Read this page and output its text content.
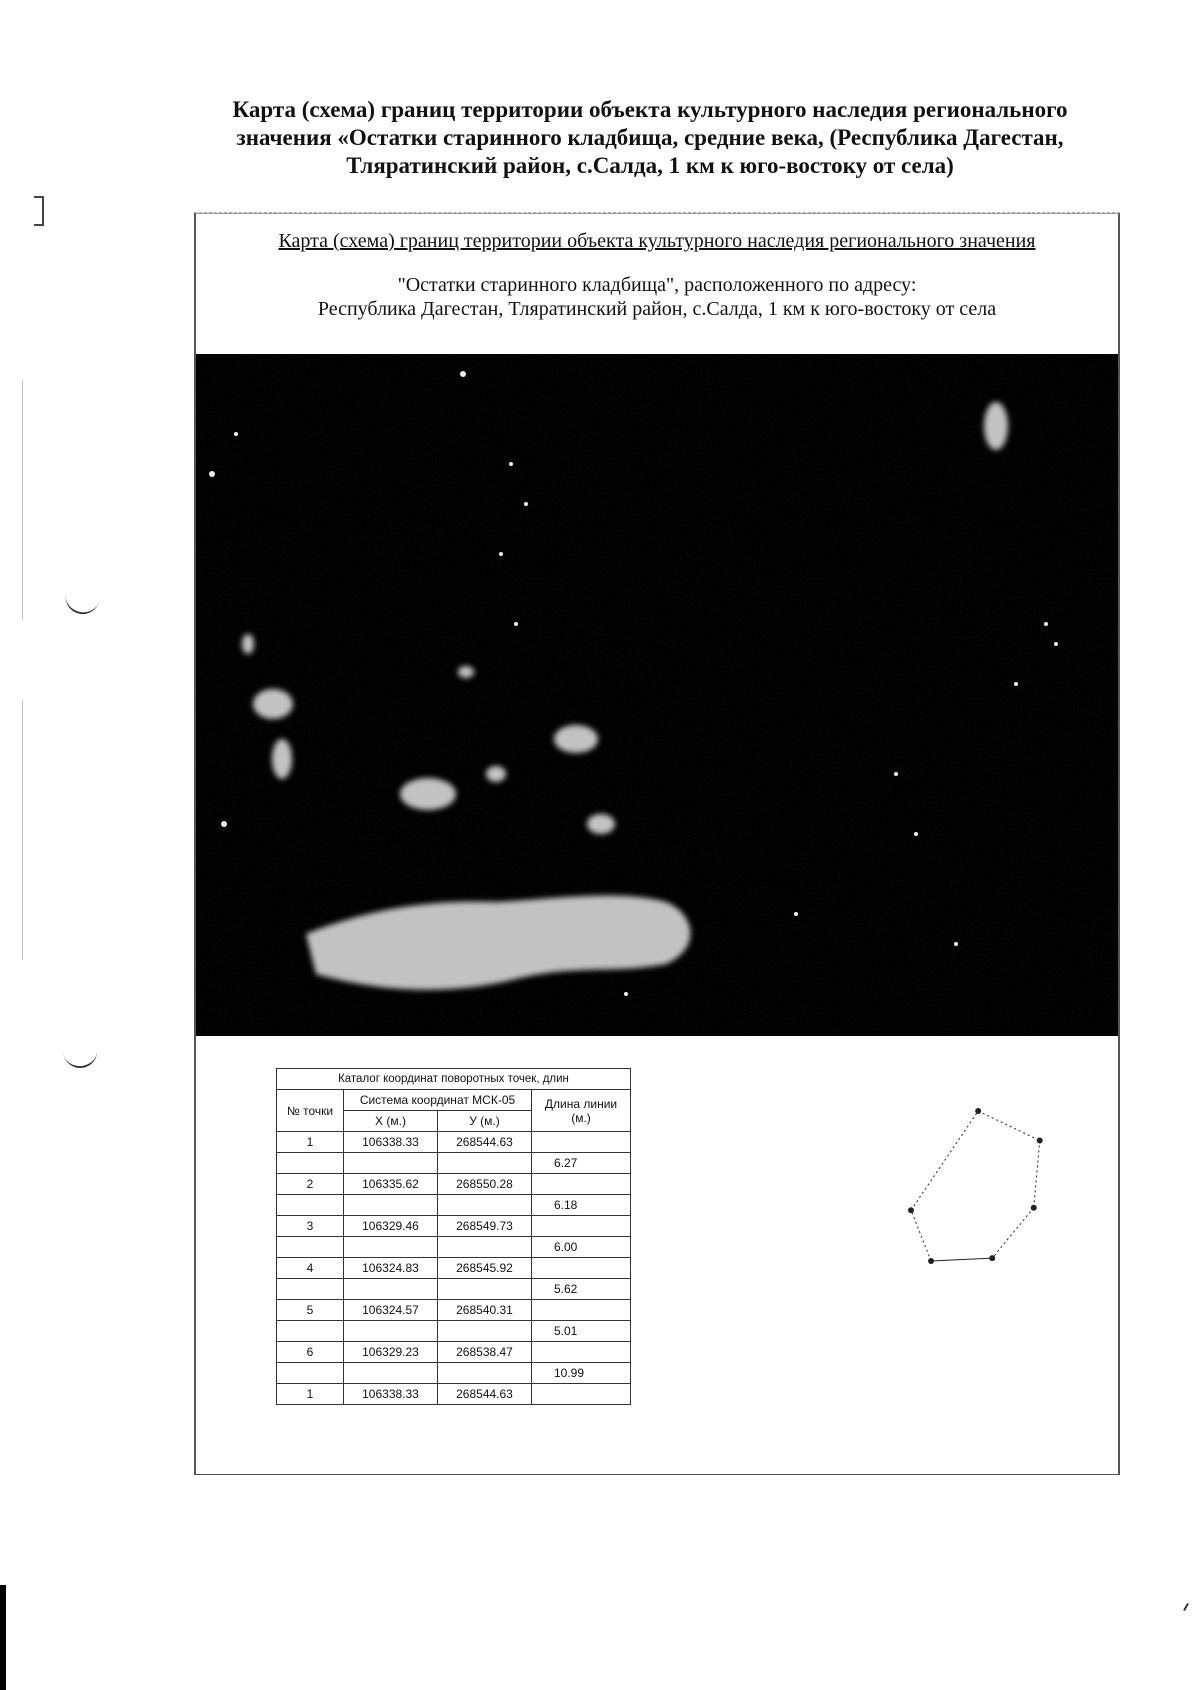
Карта (схема) границ территории объекта культурного наследия регионального
значения «Остатки старинного кладбища, средние века, (Республика Дагестан,
Тляратинский район, с.Салда, 1 км к юго-востоку от села)

Карта (схема) границ территории объекта культурного наследия регионального значения

"Остатки старинного кладбища", расположенного по адресу:
Республика Дагестан, Тляратинский район, с.Салда, 1 км к юго-востоку от села

Каталог координат поворотных точек, длин			
№ точки	Система координат МСК-05		Длина линии (м.)
	X (м.)	У (м.)	
1	106338.33	268544.63	
			6.27
2	106335.62	268550.28	
			6.18
3	106329.46	268549.73	
			6.00
4	106324.83	268545.92	
			5.62
5	106324.57	268540.31	
			5.01
6	106329.23	268538.47	
			10.99
1	106338.33	268544.63	
